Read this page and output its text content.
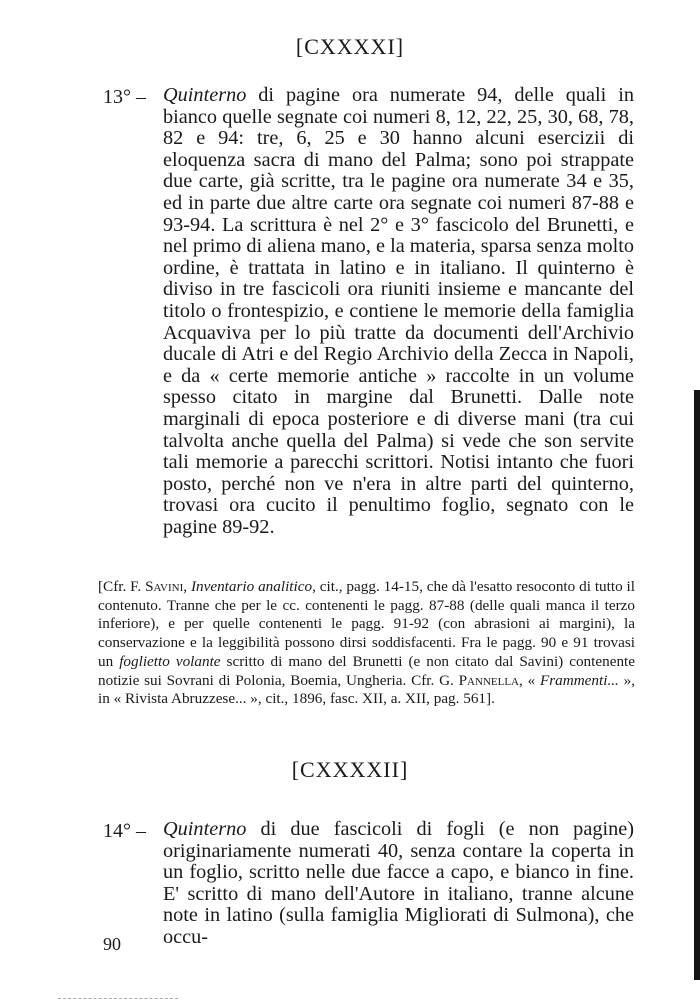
[CXXXXI]
13° – Quinterno di pagine ora numerate 94, delle quali in bianco quelle segnate coi numeri 8, 12, 22, 25, 30, 68, 78, 82 e 94: tre, 6, 25 e 30 hanno alcuni esercizii di eloquenza sacra di mano del Palma; sono poi strappate due carte, già scritte, tra le pagine ora numerate 34 e 35, ed in parte due altre carte ora segnate coi numeri 87-88 e 93-94. La scrittura è nel 2° e 3° fascicolo del Brunetti, e nel primo di aliena mano, e la materia, sparsa senza molto ordine, è trattata in latino e in italiano. Il quinterno è diviso in tre fascicoli ora riuniti insieme e mancante del titolo o frontespizio, e contiene le memorie della famiglia Acquaviva per lo più tratte da documenti dell'Archivio ducale di Atri e del Regio Archivio della Zecca in Napoli, e da « certe memorie antiche » raccolte in un volume spesso citato in margine dal Brunetti. Dalle note marginali di epoca posteriore e di diverse mani (tra cui talvolta anche quella del Palma) si vede che son servite tali memorie a parecchi scrittori. Notisi intanto che fuori posto, perché non ve n'era in altre parti del quinterno, trovasi ora cucito il penultimo foglio, segnato con le pagine 89-92.
[Cfr. F. Savini, Inventario analitico, cit., pagg. 14-15, che dà l'esatto resoconto di tutto il contenuto. Tranne che per le cc. contenenti le pagg. 87-88 (delle quali manca il terzo inferiore), e per quelle contenenti le pagg. 91-92 (con abrasioni ai margini), la conservazione e la leggibilità possono dirsi soddisfacenti. Fra le pagg. 90 e 91 trovasi un foglietto volante scritto di mano del Brunetti (e non citato dal Savini) contenente notizie sui Sovrani di Polonia, Boemia, Ungheria. Cfr. G. Pannella, « Frammenti... », in « Rivista Abruzzese... », cit., 1896, fasc. XII, a. XII, pag. 561].
[CXXXXII]
14° – Quinterno di due fascicoli di fogli (e non pagine) originariamente numerati 40, senza contare la coperta in un foglio, scritto nelle due facce a capo, e bianco in fine. E' scritto di mano dell'Autore in italiano, tranne alcune note in latino (sulla famiglia Migliorati di Sulmona), che occu-
90
